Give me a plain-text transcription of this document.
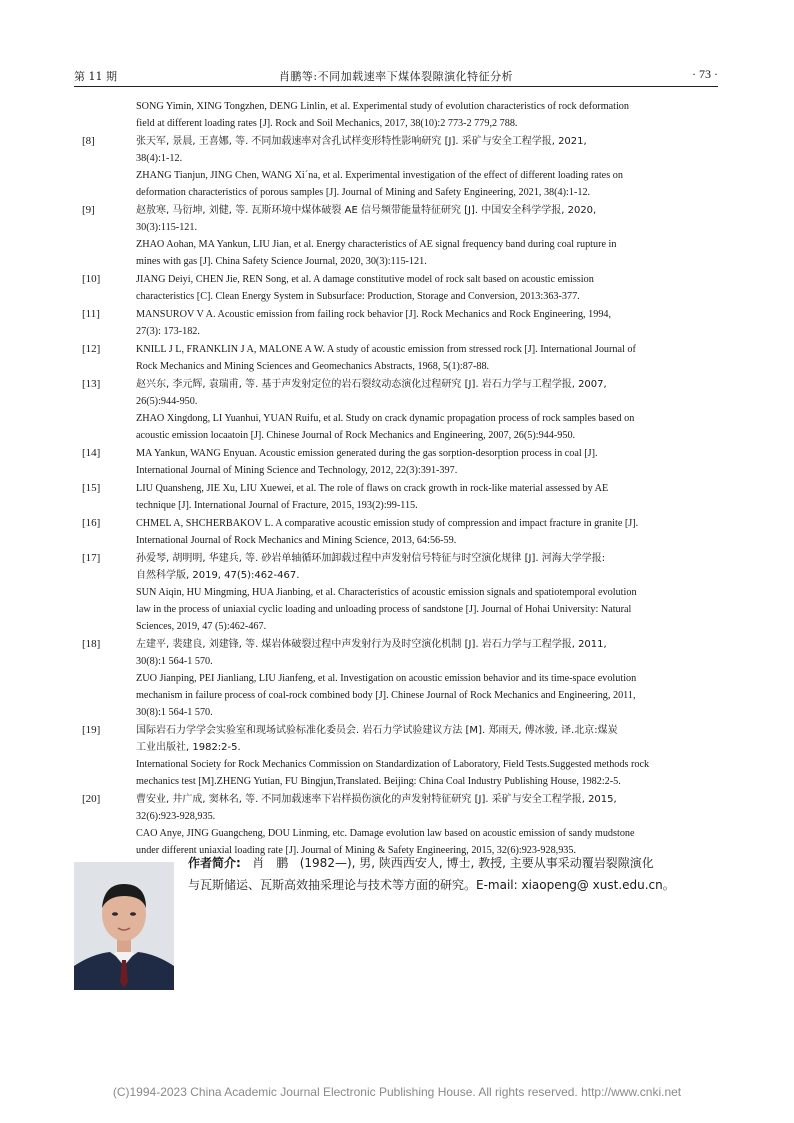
第 11 期	肖鹏等:不同加载速率下煤体裂隙演化特征分析	· 73 ·
SONG Yimin, XING Tongzhen, DENG Linlin, et al. Experimental study of evolution characteristics of rock deformation
field at different loading rates [J]. Rock and Soil Mechanics, 2017, 38(10):2 773-2 779,2 788.
[8]	张天军, 景晨, 王喜娜, 等. 不同加载速率对含孔试样变形特性影响研究 [J]. 采矿与安全工程学报, 2021,
38(4):1-12.
ZHANG Tianjun, JING Chen, WANG Xi´na, et al. Experimental investigation of the effect of different loading rates on
deformation characteristics of porous samples [J]. Journal of Mining and Safety Engineering, 2021, 38(4):1-12.
[9]	赵敖寒, 马衍坤, 刘健, 等. 瓦斯环境中煤体破裂 AE 信号频带能量特征研究 [J]. 中国安全科学学报, 2020,
30(3):115-121.
ZHAO Aohan, MA Yankun, LIU Jian, et al. Energy characteristics of AE signal frequency band during coal rupture in
mines with gas [J]. China Safety Science Journal, 2020, 30(3):115-121.
[10]	JIANG Deiyi, CHEN Jie, REN Song, et al. A damage constitutive model of rock salt based on acoustic emission
characteristics [C]. Clean Energy System in Subsurface: Production, Storage and Conversion, 2013:363-377.
[11]	MANSUROV V A. Acoustic emission from failing rock behavior [J]. Rock Mechanics and Rock Engineering, 1994,
27(3): 173-182.
[12]	KNILL J L, FRANKLIN J A, MALONE A W. A study of acoustic emission from stressed rock [J]. International Journal of
Rock Mechanics and Mining Sciences and Geomechanics Abstracts, 1968, 5(1):87-88.
[13]	赵兴东, 李元辉, 袁瑞甫, 等. 基于声发射定位的岩石裂纹动态演化过程研究 [J]. 岩石力学与工程学报, 2007,
26(5):944-950.
ZHAO Xingdong, LI Yuanhui, YUAN Ruifu, et al. Study on crack dynamic propagation process of rock samples based on
acoustic emission locaatoin [J]. Chinese Journal of Rock Mechanics and Engineering, 2007, 26(5):944-950.
[14]	MA Yankun, WANG Enyuan. Acoustic emission generated during the gas sorption-desorption process in coal [J].
International Journal of Mining Science and Technology, 2012, 22(3):391-397.
[15]	LIU Quansheng, JIE Xu, LIU Xuewei, et al. The role of flaws on crack growth in rock-like material assessed by AE
technique [J]. International Journal of Fracture, 2015, 193(2):99-115.
[16]	CHMEL A, SHCHERBAKOV L. A comparative acoustic emission study of compression and impact fracture in granite [J].
International Journal of Rock Mechanics and Mining Science, 2013, 64:56-59.
[17]	孙爱琴, 胡明明, 华建兵, 等. 砂岩单轴循环加卸载过程中声发射信号特征与时空演化规律 [J]. 河海大学学报:
自然科学版, 2019, 47(5):462-467.
SUN Aiqin, HU Mingming, HUA Jianbing, et al. Characteristics of acoustic emission signals and spatiotemporal evolution
law in the process of uniaxial cyclic loading and unloading process of sandstone [J]. Journal of Hohai University: Natural
Sciences, 2019, 47 (5):462-467.
[18]	左建平, 裴建良, 刘建锋, 等. 煤岩体破裂过程中声发射行为及时空演化机制 [J]. 岩石力学与工程学报, 2011,
30(8):1 564-1 570.
ZUO Jianping, PEI Jianliang, LIU Jianfeng, et al. Investigation on acoustic emission behavior and its time-space evolution
mechanism in failure process of coal-rock combined body [J]. Chinese Journal of Rock Mechanics and Engineering, 2011,
30(8):1 564-1 570.
[19]	国际岩石力学学会实验室和现场试验标准化委员会. 岩石力学试验建议方法 [M]. 郑雨天, 傅冰骏, 译.北京:煤炭
工业出版社, 1982:2-5.
International Society for Rock Mechanics Commission on Standardization of Laboratory, Field Tests.Suggested methods rock
mechanics test [M].ZHENG Yutian, FU Bingjun,Translated. Beijing: China Coal Industry Publishing House, 1982:2-5.
[20]	曹安业, 井广成, 窦林名, 等. 不同加载速率下岩样损伤演化的声发射特征研究 [J]. 采矿与安全工程学报, 2015,
32(6):923-928,935.
CAO Anye, JING Guangcheng, DOU Linming, etc. Damage evolution law based on acoustic emission of sandy mudstone
under different uniaxial loading rate [J]. Journal of Mining & Safety Engineering, 2015, 32(6):923-928,935.
作者简介: 肖　鹏 (1982—), 男, 陕西西安人, 博士, 教授, 主要从事采动覆岩裂隙演化
与瓦斯储运、瓦斯高效抽采理论与技术等方面的研究。E-mail: xiaopeng@ xust.edu.cn。
(C)1994-2023 China Academic Journal Electronic Publishing House. All rights reserved. http://www.cnki.net
